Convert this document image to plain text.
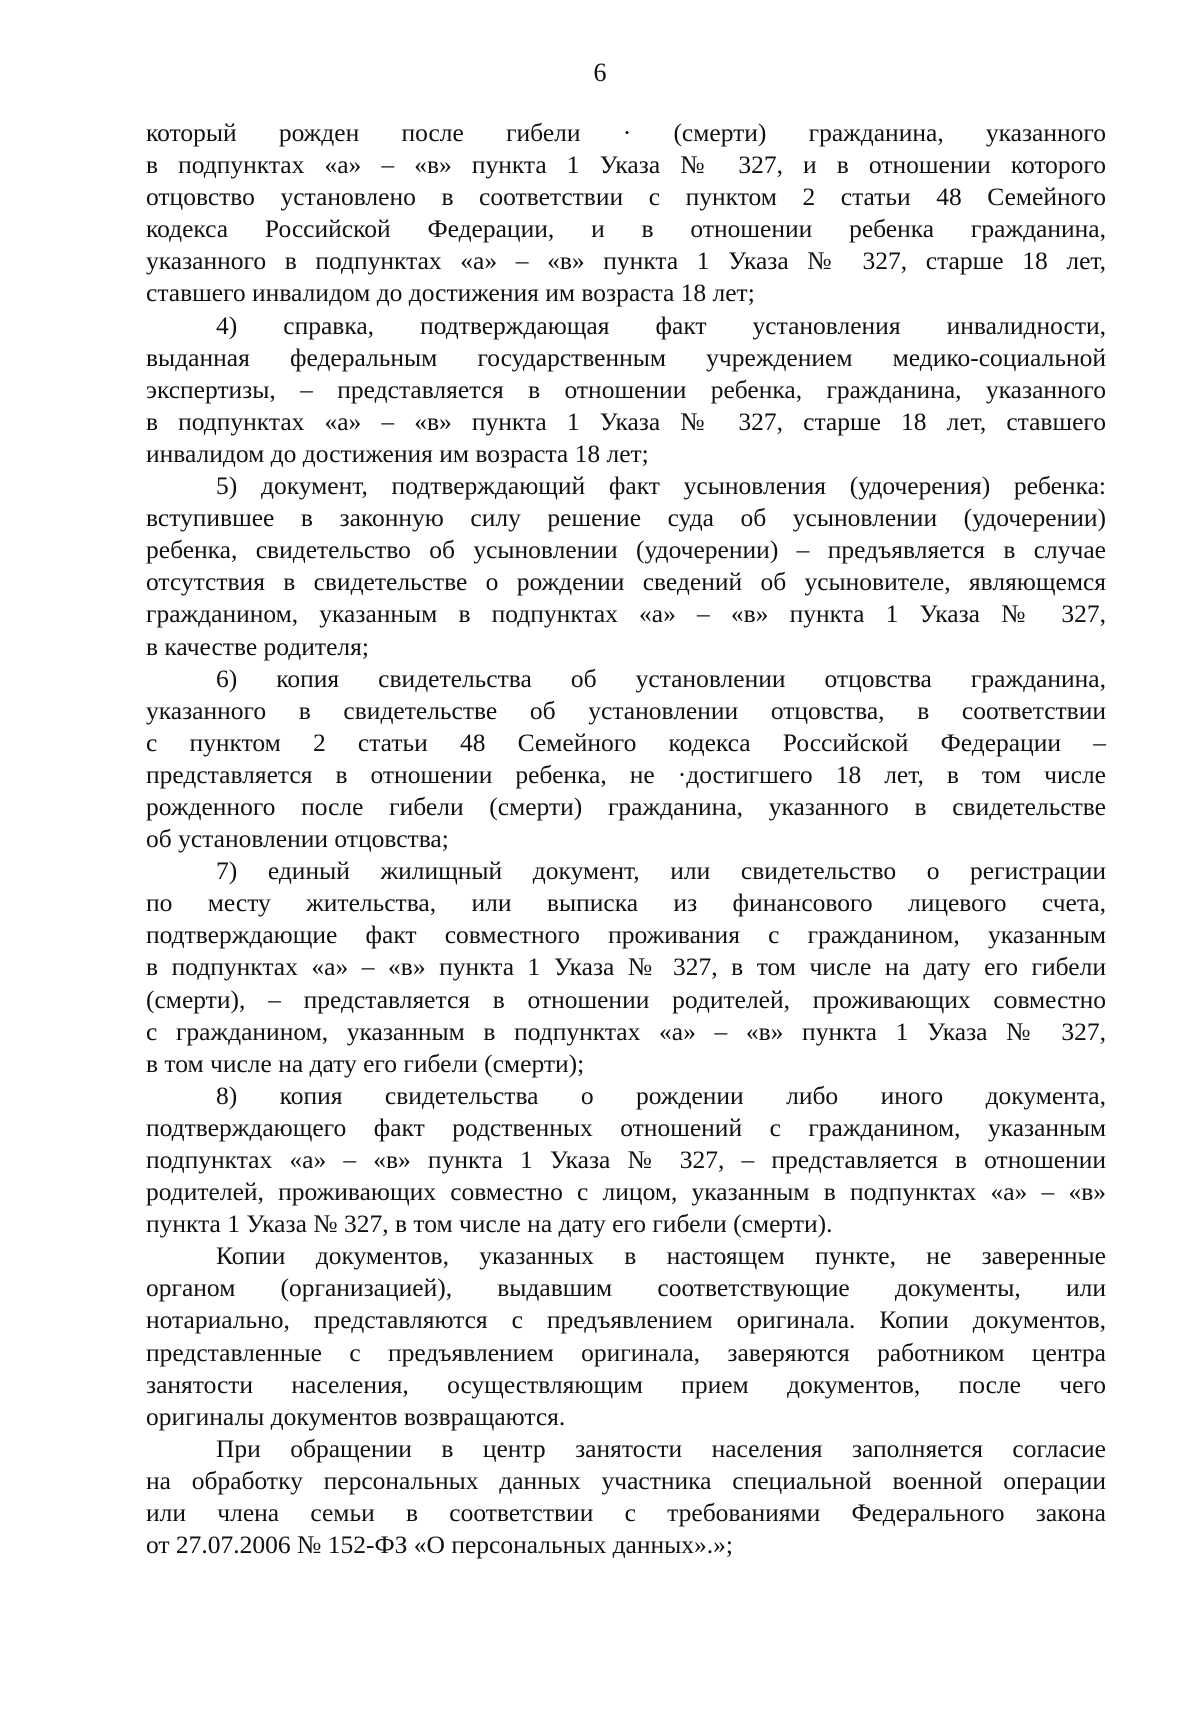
6
который рожден после гибели · (смерти) гражданина, указанного
в подпунктах «а» – «в» пункта 1 Указа № 327, и в отношении которого
отцовство установлено в соответствии с пунктом 2 статьи 48 Семейного
кодекса Российской Федерации, и в отношении ребенка гражданина,
указанного в подпунктах «а» – «в» пункта 1 Указа № 327, старше 18 лет,
ставшего инвалидом до достижения им возраста 18 лет;
4) справка, подтверждающая факт установления инвалидности,
выданная федеральным государственным учреждением медико-социальной
экспертизы, – представляется в отношении ребенка, гражданина, указанного
в подпунктах «а» – «в» пункта 1 Указа № 327, старше 18 лет, ставшего
инвалидом до достижения им возраста 18 лет;
5) документ, подтверждающий факт усыновления (удочерения) ребенка:
вступившее в законную силу решение суда об усыновлении (удочерении)
ребенка, свидетельство об усыновлении (удочерении) – предъявляется в случае
отсутствия в свидетельстве о рождении сведений об усыновителе, являющемся
гражданином, указанным в подпунктах «а» – «в» пункта 1 Указа № 327,
в качестве родителя;
6) копия свидетельства об установлении отцовства гражданина,
указанного в свидетельстве об установлении отцовства, в соответствии
с пунктом 2 статьи 48 Семейного кодекса Российской Федерации –
представляется в отношении ребенка, не ·достигшего 18 лет, в том числе
рожденного после гибели (смерти) гражданина, указанного в свидетельстве
об установлении отцовства;
7) единый жилищный документ, или свидетельство о регистрации
по месту жительства, или выписка из финансового лицевого счета,
подтверждающие факт совместного проживания с гражданином, указанным
в подпунктах «а» – «в» пункта 1 Указа № 327, в том числе на дату его гибели
(смерти), – представляется в отношении родителей, проживающих совместно
с гражданином, указанным в подпунктах «а» – «в» пункта 1 Указа № 327,
в том числе на дату его гибели (смерти);
8) копия свидетельства о рождении либо иного документа,
подтверждающего факт родственных отношений с гражданином, указанным
подпунктах «а» – «в» пункта 1 Указа № 327, – представляется в отношении
родителей, проживающих совместно с лицом, указанным в подпунктах «а» – «в»
пункта 1 Указа № 327, в том числе на дату его гибели (смерти).
Копии документов, указанных в настоящем пункте, не заверенные
органом (организацией), выдавшим соответствующие документы, или
нотариально, представляются с предъявлением оригинала. Копии документов,
представленные с предъявлением оригинала, заверяются работником центра
занятости населения, осуществляющим прием документов, после чего
оригиналы документов возвращаются.
При обращении в центр занятости населения заполняется согласие
на обработку персональных данных участника специальной военной операции
или члена семьи в соответствии с требованиями Федерального закона
от 27.07.2006 № 152-ФЗ «О персональных данных».»;
